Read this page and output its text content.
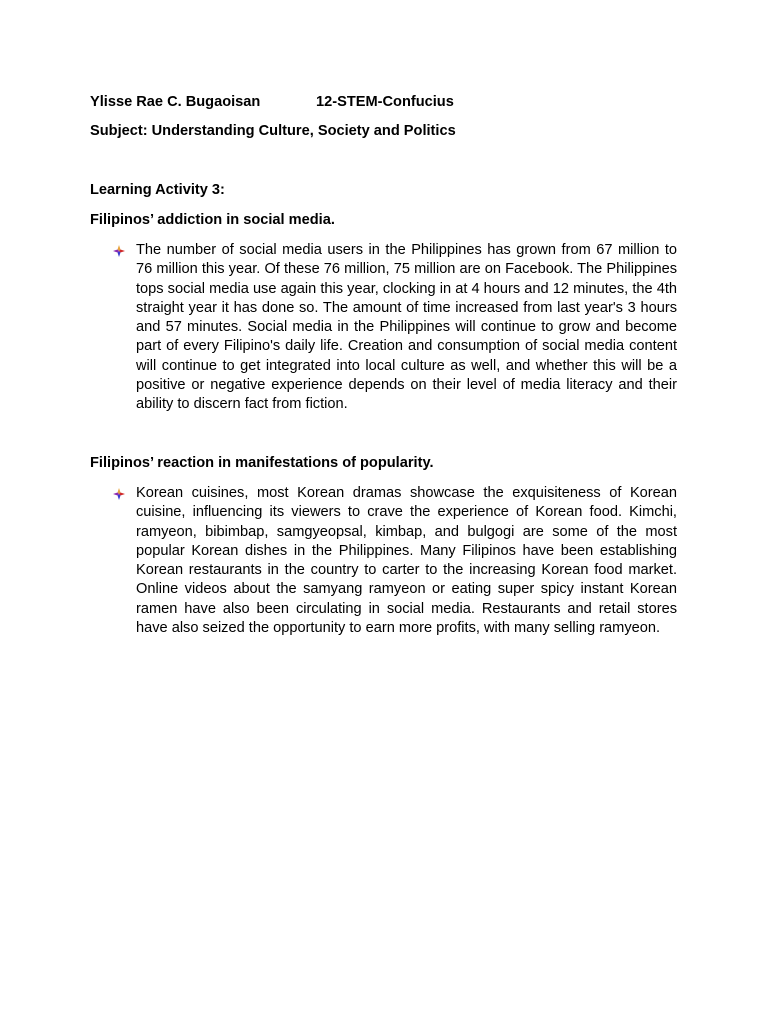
Ylisse Rae C. Bugaoisan	12-STEM-Confucius
Subject: Understanding Culture, Society and Politics
Learning Activity 3:
Filipinos’ addiction in social media.

The number of social media users in the Philippines has grown from 67 million to 76 million this year. Of these 76 million, 75 million are on Facebook. The Philippines tops social media use again this year, clocking in at 4 hours and 12 minutes, the 4th straight year it has done so. The amount of time increased from last year's 3 hours and 57 minutes. Social media in the Philippines will continue to grow and become part of every Filipino's daily life. Creation and consumption of social media content will continue to get integrated into local culture as well, and whether this will be a positive or negative experience depends on their level of media literacy and their ability to discern fact from fiction.

Filipinos’ reaction in manifestations of popularity.

Korean cuisines, most Korean dramas showcase the exquisiteness of Korean cuisine, influencing its viewers to crave the experience of Korean food. Kimchi, ramyeon, bibimbap, samgyeopsal, kimbap, and bulgogi are some of the most popular Korean dishes in the Philippines. Many Filipinos have been establishing Korean restaurants in the country to carter to the increasing Korean food market. Online videos about the samyang ramyeon or eating super spicy instant Korean ramen have also been circulating in social media. Restaurants and retail stores have also seized the opportunity to earn more profits, with many selling ramyeon.
